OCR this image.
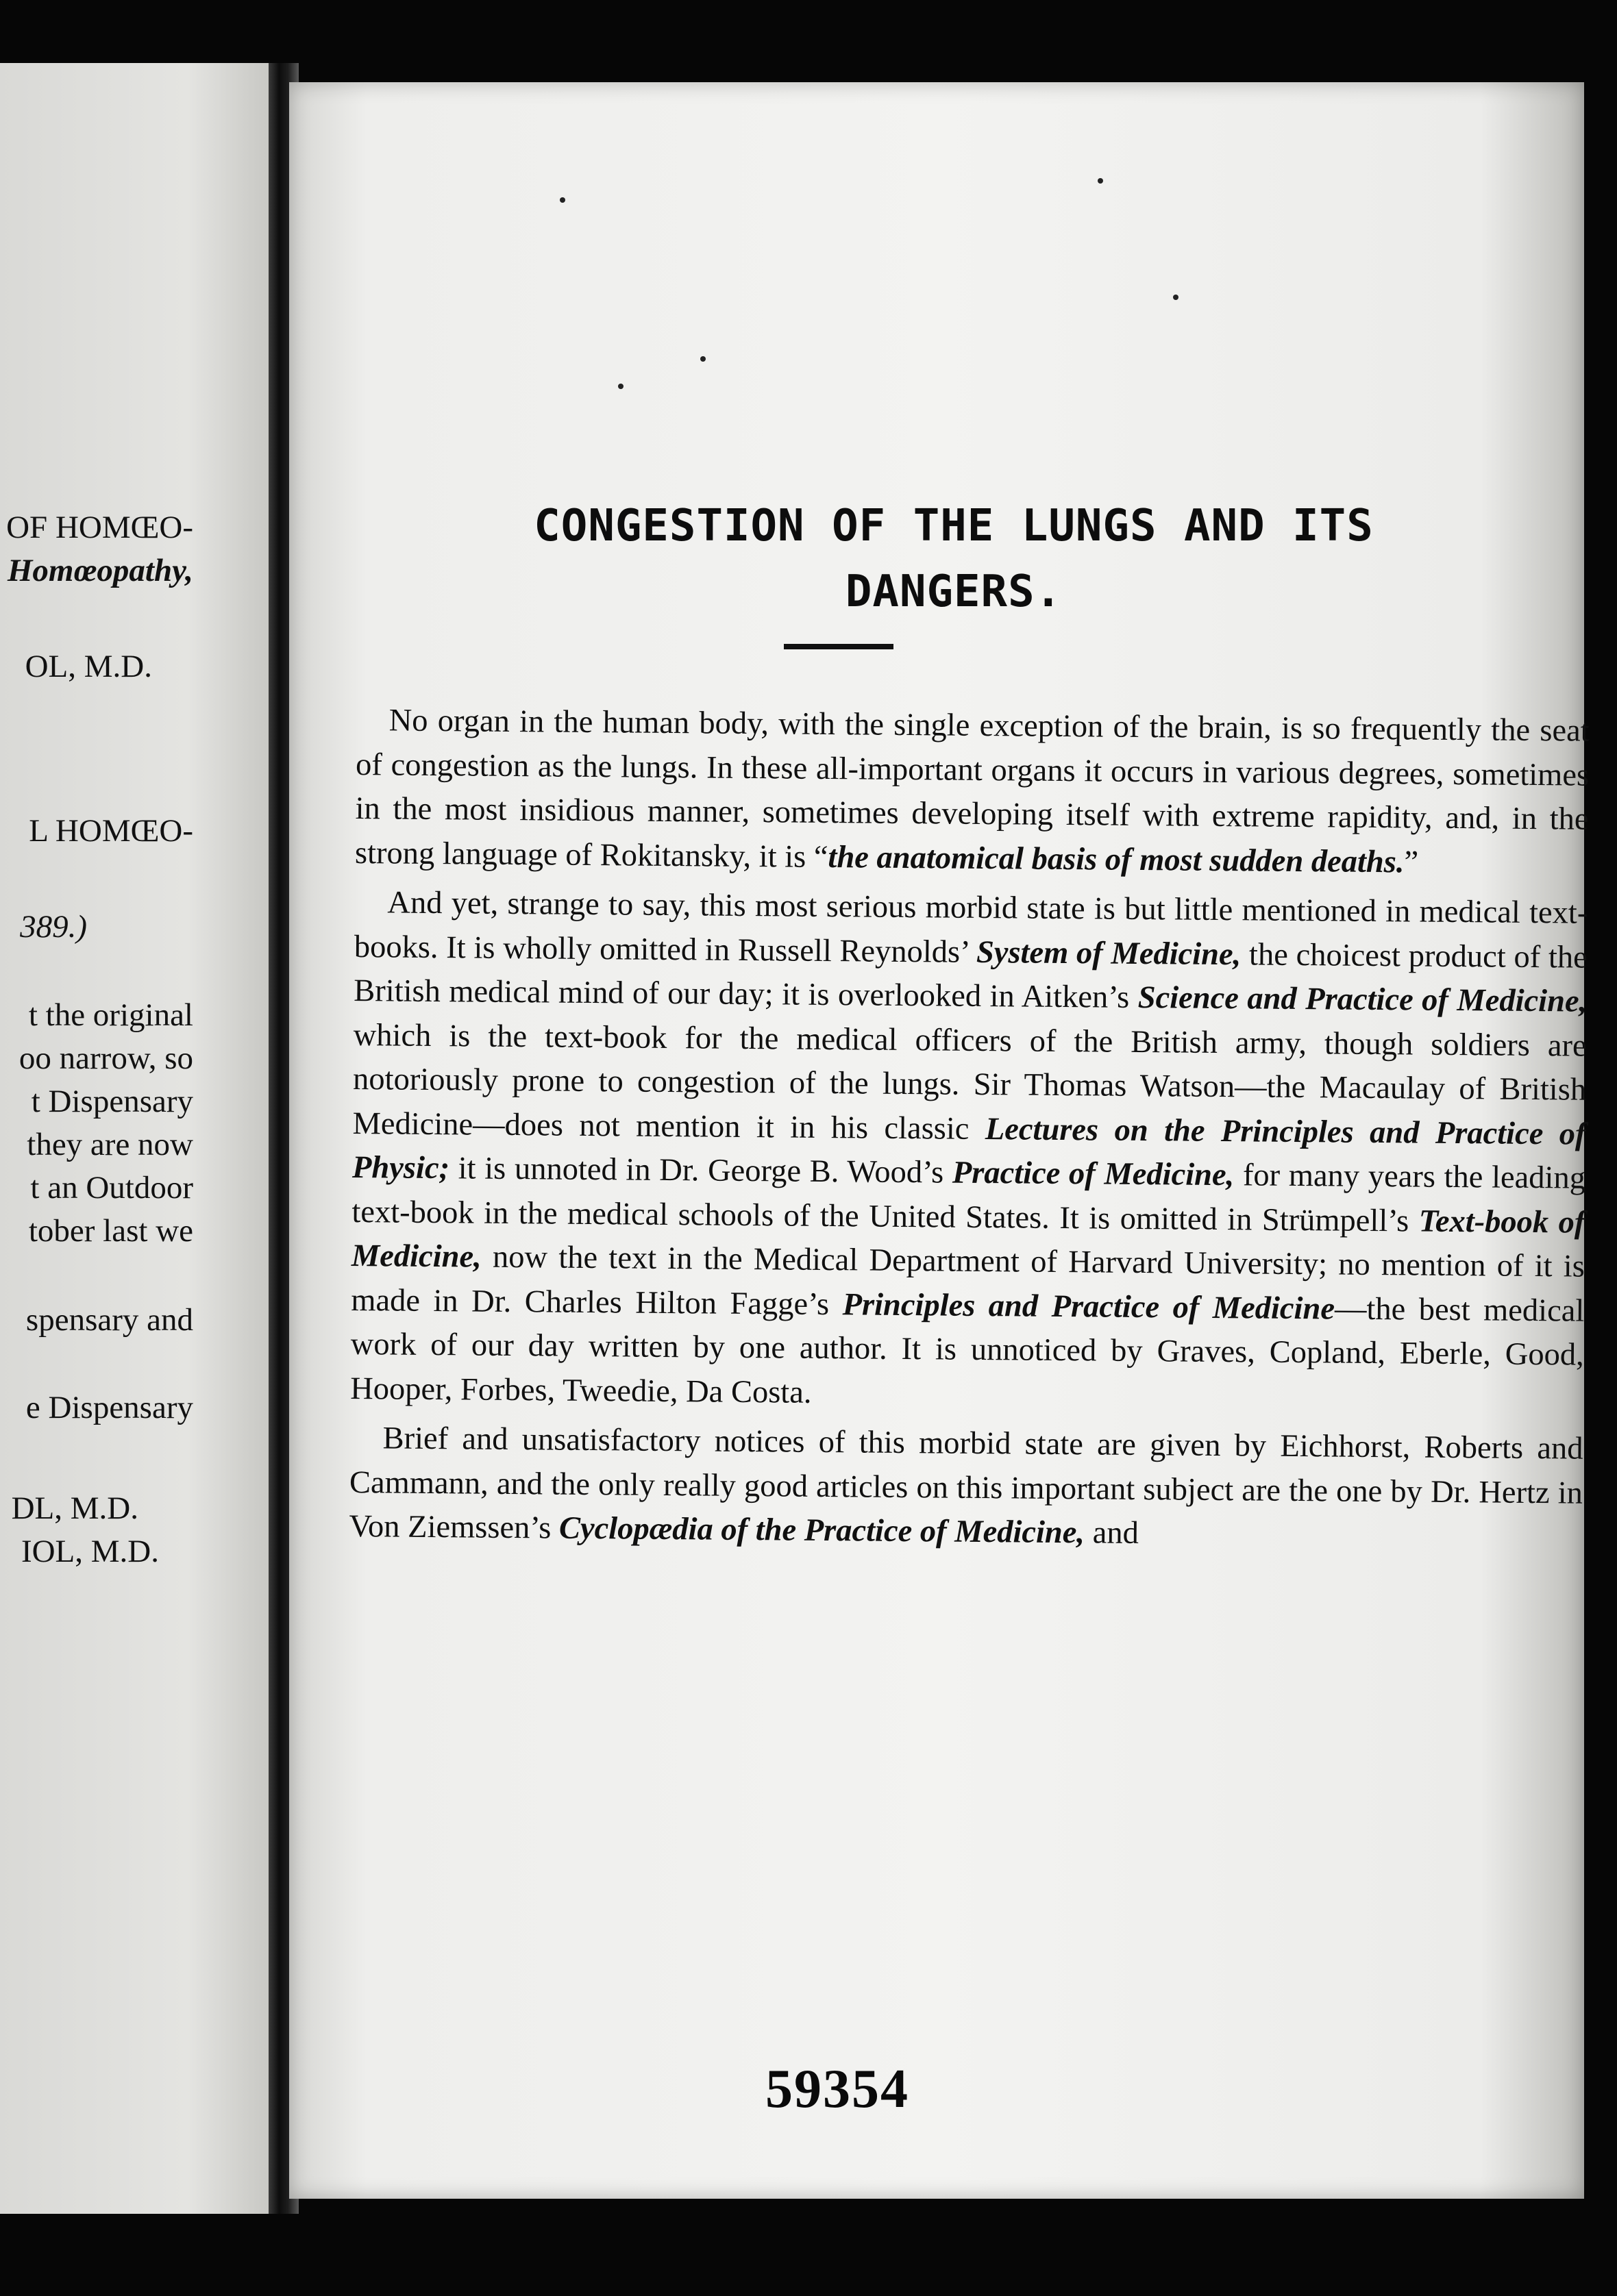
OF HOMŒO-
Homœopathy,
OL, M.D.
L HOMŒO-
389.)
t the original
oo narrow, so
t Dispensary
they are now
t an Outdoor
tober last we
spensary and
e Dispensary
DL, M.D.
IOL, M.D.
CONGESTION OF THE LUNGS AND ITS
DANGERS.

No organ in the human body, with the single exception of the brain, is so frequently the seat of congestion as the lungs. In these all-important organs it occurs in various degrees, sometimes in the most insidious manner, sometimes developing itself with extreme rapidity, and, in the strong language of Rokitansky, it is “the anatomical basis of most sudden deaths.”

And yet, strange to say, this most serious morbid state is but little mentioned in medical text-books. It is wholly omitted in Russell Reynolds’ System of Medicine, the choicest product of the British medical mind of our day; it is overlooked in Aitken’s Science and Practice of Medicine, which is the text-book for the medical officers of the British army, though soldiers are notoriously prone to congestion of the lungs. Sir Thomas Watson—the Macaulay of British Medicine—does not mention it in his classic Lectures on the Principles and Practice of Physic; it is unnoted in Dr. George B. Wood’s Practice of Medicine, for many years the leading text-book in the medical schools of the United States. It is omitted in Strümpell’s Text-book of Medicine, now the text in the Medical Department of Harvard University; no mention of it is made in Dr. Charles Hilton Fagge’s Principles and Practice of Medicine—the best medical work of our day written by one author. It is unnoticed by Graves, Copland, Eberle, Good, Hooper, Forbes, Tweedie, Da Costa.

Brief and unsatisfactory notices of this morbid state are given by Eichhorst, Roberts and Cammann, and the only really good articles on this important subject are the one by Dr. Hertz in Von Ziemssen’s Cyclopædia of the Practice of Medicine, and

59354
